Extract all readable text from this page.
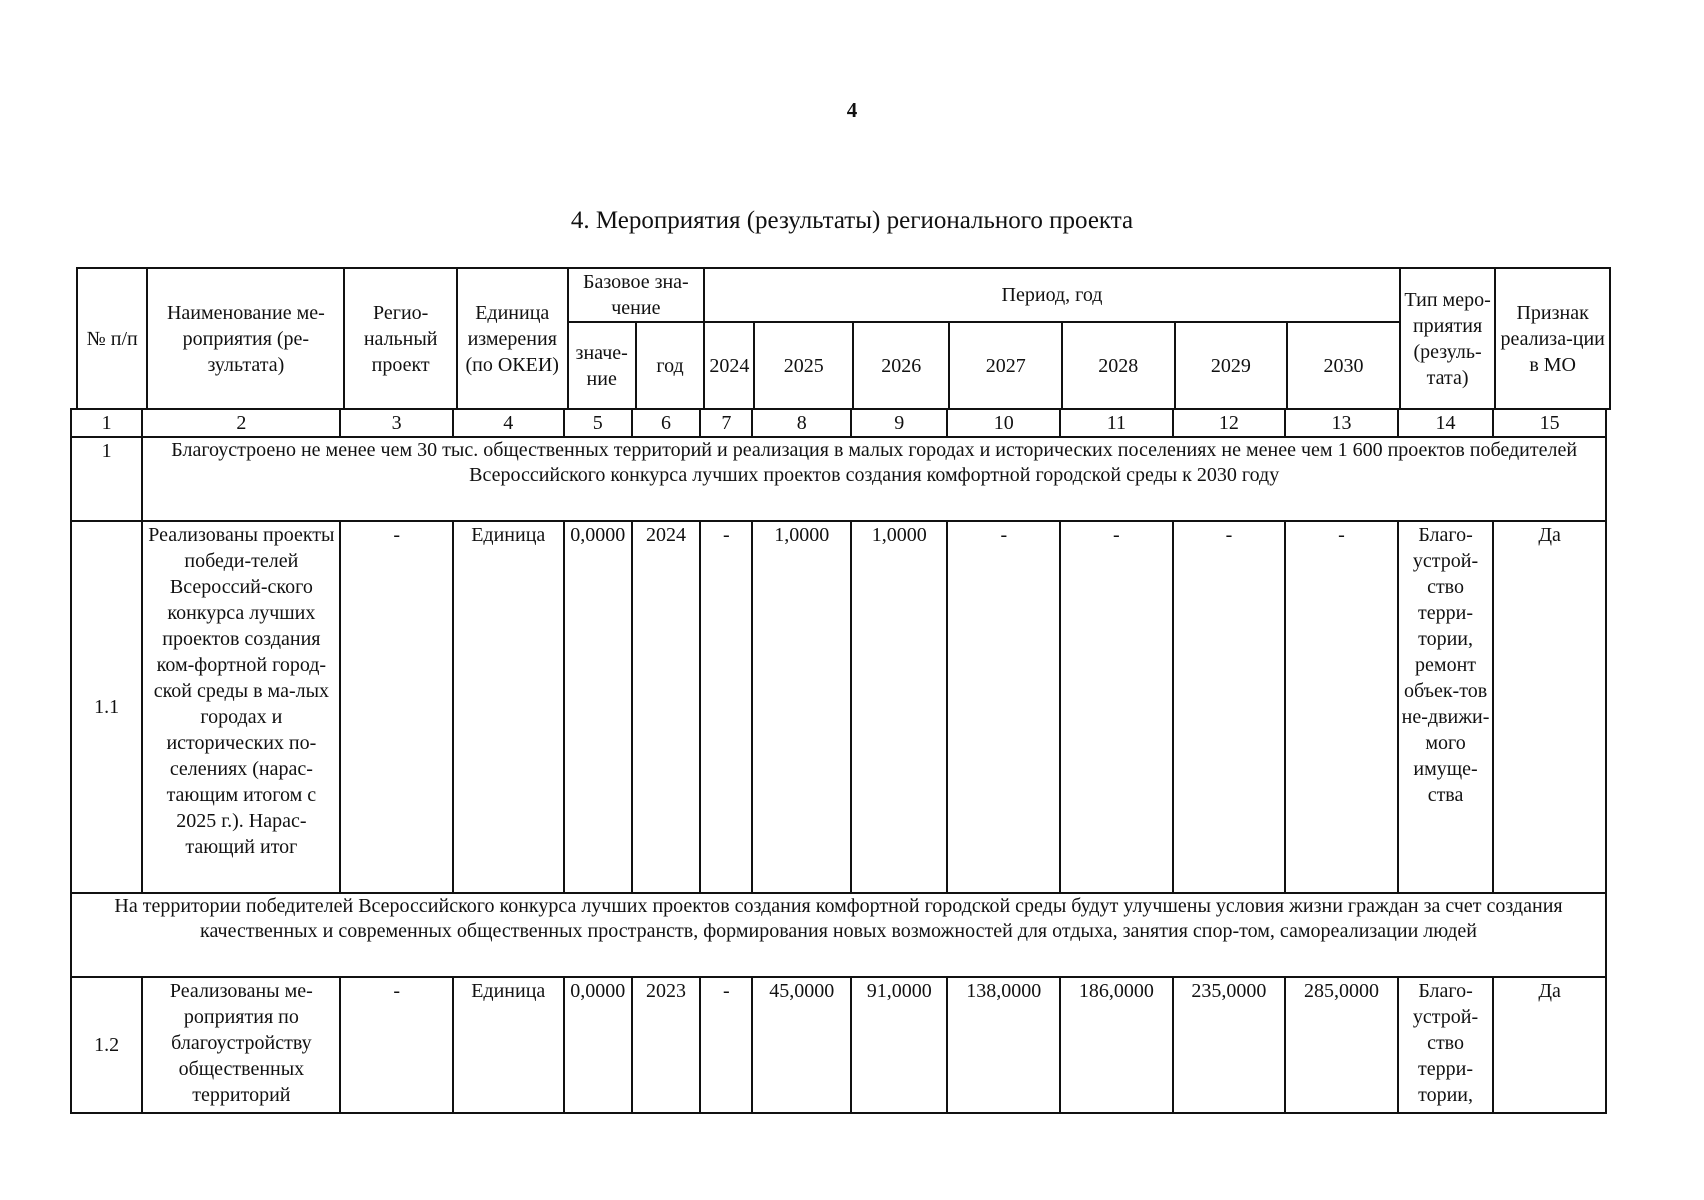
4
4. Мероприятия (результаты) регионального проекта
№ п/п	Наименование ме-роприятия (ре-зультата)	Регио-нальный проект	Единица измерения (по ОКЕИ)	Базовое зна-чение		Период, год							Тип меро-приятия (резуль-тата)	Признак реализа-ции в МО
				значе-ние	год	2024	2025	2026	2027	2028	2029	2030		
1	2	3	4	5	6	7	8	9	10	11	12	13	14	15
1	Благоустроено не менее чем 30 тыс. общественных территорий и реализация в малых городах и исторических поселениях не менее чем 1 600 проектов победителей Всероссийского конкурса лучших проектов создания комфортной городской среды к 2030 году													
1.1	Реализованы проекты победи-телей Всероссий-ского конкурса лучших проектов создания ком-фортной город-ской среды в ма-лых городах и исторических по-селениях (нарас-тающим итогом с 2025 г.). Нарас-тающий итог	-	Единица	0,0000	2024	-	1,0000	1,0000	-	-	-	-	Благо-устрой-ство терри-тории, ремонт объек-тов не-движи-мого имуще-ства	Да
На территории победителей Всероссийского конкурса лучших проектов создания комфортной городской среды будут улучшены условия жизни граждан за счет создания качественных и современных общественных пространств, формирования новых возможностей для отдыха, занятия спор-том, самореализации людей														
1.2	Реализованы ме-роприятия по благоустройству общественных территорий	-	Единица	0,0000	2023	-	45,0000	91,0000	138,0000	186,0000	235,0000	285,0000	Благо-устрой-ство терри-тории,	Да
